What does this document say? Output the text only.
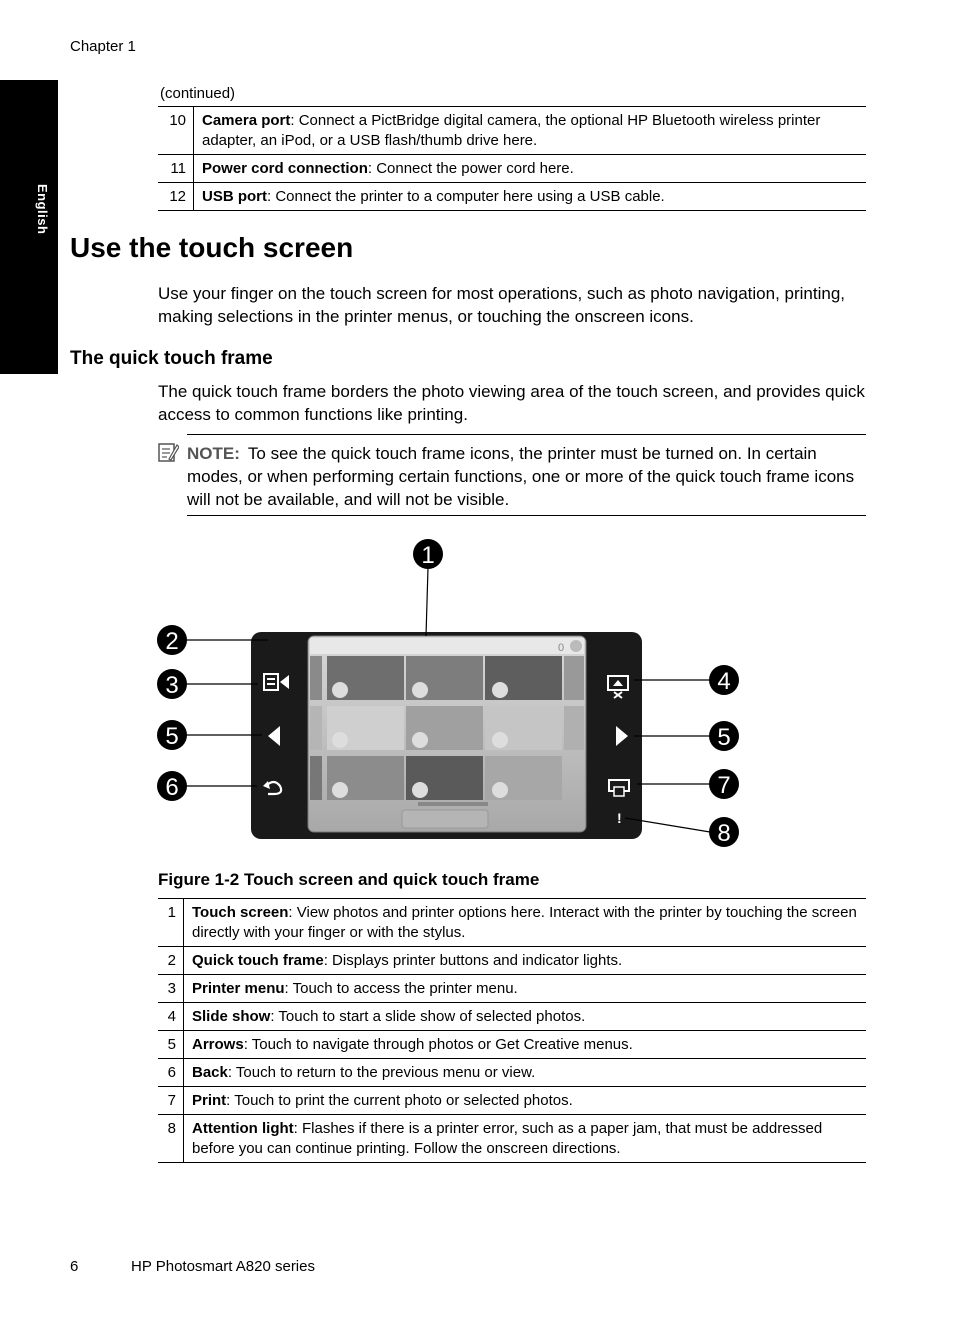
Chapter 1
English
(continued)
10	Camera port: Connect a PictBridge digital camera, the optional HP Bluetooth wireless printer adapter, an iPod, or a USB flash/thumb drive here.
11	Power cord connection: Connect the power cord here.
12	USB port: Connect the printer to a computer here using a USB cable.
Use the touch screen

Use your finger on the touch screen for most operations, such as photo navigation, printing, making selections in the printer menus, or touching the onscreen icons.

The quick touch frame

The quick touch frame borders the photo viewing area of the touch screen, and provides quick access to common functions like printing.

NOTE: To see the quick touch frame icons, the printer must be turned on. In certain modes, or when performing certain functions, one or more of the quick touch frame icons will not be available, and will not be visible.

0
!
1
2
3	4
5	5
6	7
8
Figure 1-2 Touch screen and quick touch frame
1	Touch screen: View photos and printer options here. Interact with the printer by touching the screen directly with your finger or with the stylus.
2	Quick touch frame: Displays printer buttons and indicator lights.
3	Printer menu: Touch to access the printer menu.
4	Slide show: Touch to start a slide show of selected photos.
5	Arrows: Touch to navigate through photos or Get Creative menus.
6	Back: Touch to return to the previous menu or view.
7	Print: Touch to print the current photo or selected photos.
8	Attention light: Flashes if there is a printer error, such as a paper jam, that must be addressed before you can continue printing. Follow the onscreen directions.
6	HP Photosmart A820 series
